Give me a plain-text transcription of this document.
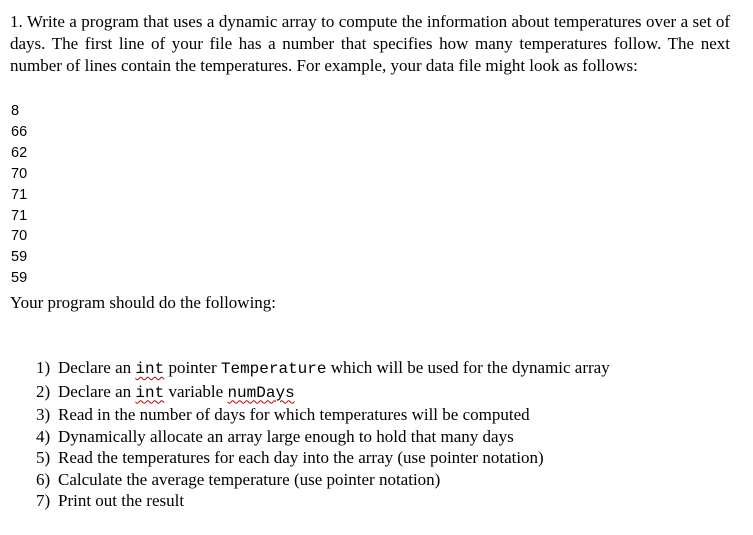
1. Write a program that uses a dynamic array to compute the information about temperatures over a set of days. The first line of your file has a number that specifies how many temperatures follow. The next number of lines contain the temperatures. For example, your data file might look as follows:

8
66
62
70
71
71
70
59
59

Your program should do the following:

1) Declare an int pointer Temperature which will be used for the dynamic array
2) Declare an int variable numDays
3) Read in the number of days for which temperatures will be computed
4) Dynamically allocate an array large enough to hold that many days
5) Read the temperatures for each day into the array (use pointer notation)
6) Calculate the average temperature (use pointer notation)
7) Print out the result
